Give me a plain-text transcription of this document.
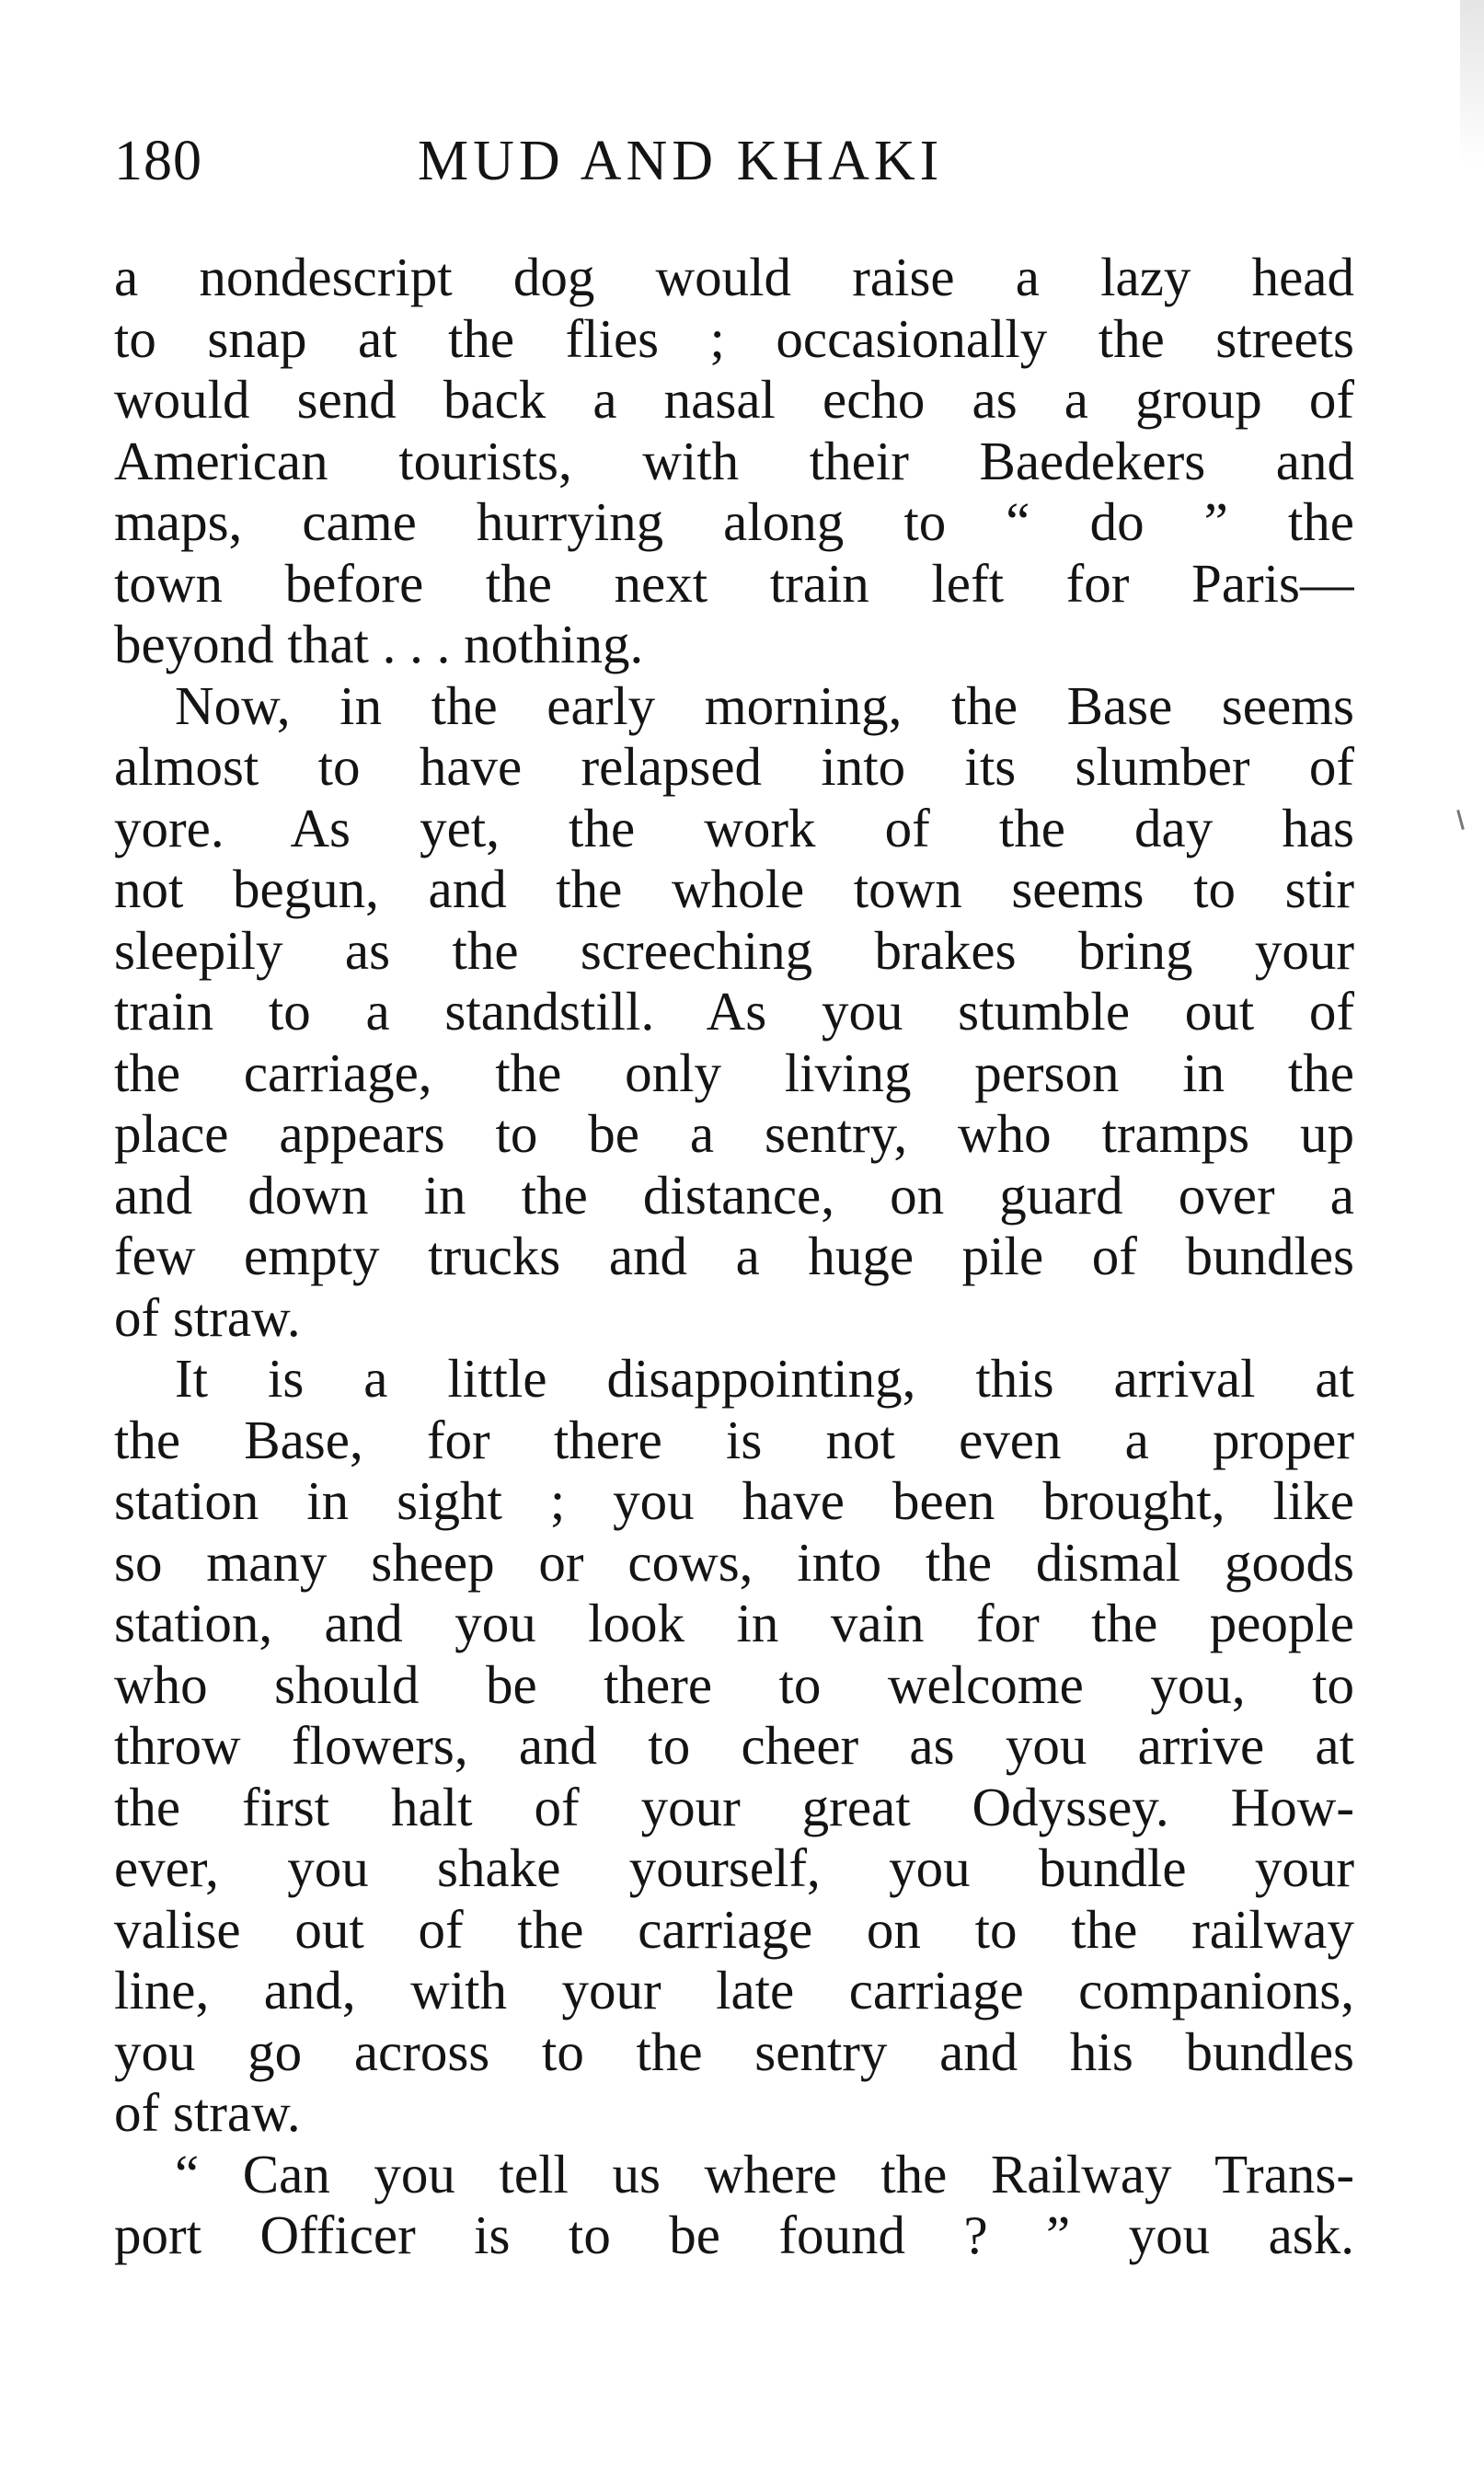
180	MUD AND KHAKI
a nondescript dog would raise a lazy head
to snap at the flies ; occasionally the streets
would send back a nasal echo as a group of
American tourists, with their Baedekers and
maps, came hurrying along to “ do ” the
town before the next train left for Paris—
beyond that . . . nothing.
Now, in the early morning, the Base seems
almost to have relapsed into its slumber of
yore. As yet, the work of the day has
not begun, and the whole town seems to stir
sleepily as the screeching brakes bring your
train to a standstill. As you stumble out of
the carriage, the only living person in the
place appears to be a sentry, who tramps up
and down in the distance, on guard over a
few empty trucks and a huge pile of bundles
of straw.
It is a little disappointing, this arrival at
the Base, for there is not even a proper
station in sight ; you have been brought, like
so many sheep or cows, into the dismal goods
station, and you look in vain for the people
who should be there to welcome you, to
throw flowers, and to cheer as you arrive at
the first halt of your great Odyssey. How-
ever, you shake yourself, you bundle your
valise out of the carriage on to the railway
line, and, with your late carriage companions,
you go across to the sentry and his bundles
of straw.
“ Can you tell us where the Railway Trans-
port Officer is to be found ? ” you ask.
